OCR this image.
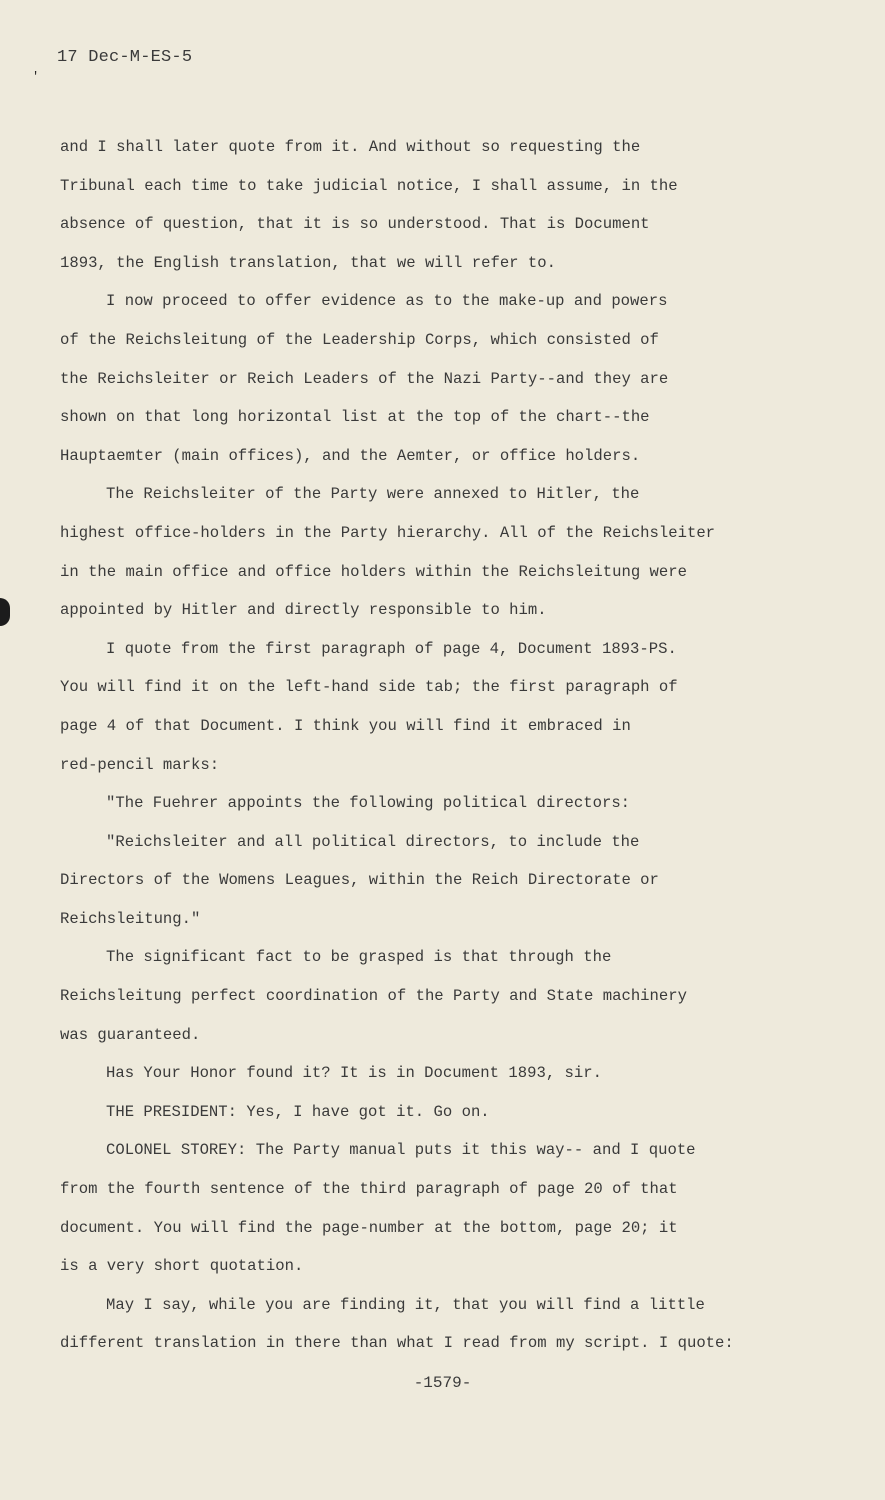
'
17 Dec-M-ES-5
and I shall later quote from it. And without so requesting the
Tribunal each time to take judicial notice, I shall assume, in the
absence of question, that it is so understood. That is Document
1893, the English translation, that we will refer to.
I now proceed to offer evidence as to the make-up and powers
of the Reichsleitung of the Leadership Corps, which consisted of
the Reichsleiter or Reich Leaders of the Nazi Party--and they are
shown on that long horizontal list at the top of the chart--the
Hauptaemter (main offices), and the Aemter, or office holders.
The Reichsleiter of the Party were annexed to Hitler, the
highest office-holders in the Party hierarchy. All of the Reichsleiter
in the main office and office holders within the Reichsleitung were
appointed by Hitler and directly responsible to him.
I quote from the first paragraph of page 4, Document 1893-PS.
You will find it on the left-hand side tab; the first paragraph of
page 4 of that Document. I think you will find it embraced in
red-pencil marks:
"The Fuehrer appoints the following political directors:
"Reichsleiter and all political directors, to include the
Directors of the Womens Leagues, within the Reich Directorate or
Reichsleitung."
The significant fact to be grasped is that through the
Reichsleitung perfect coordination of the Party and State machinery
was guaranteed.
Has Your Honor found it? It is in Document 1893, sir.
THE PRESIDENT: Yes, I have got it. Go on.
COLONEL STOREY: The Party manual puts it this way-- and I quote
from the fourth sentence of the third paragraph of page 20 of that
document. You will find the page-number at the bottom, page 20; it
is a very short quotation.
May I say, while you are finding it, that you will find a little
different translation in there than what I read from my script. I quote:
-1579-
